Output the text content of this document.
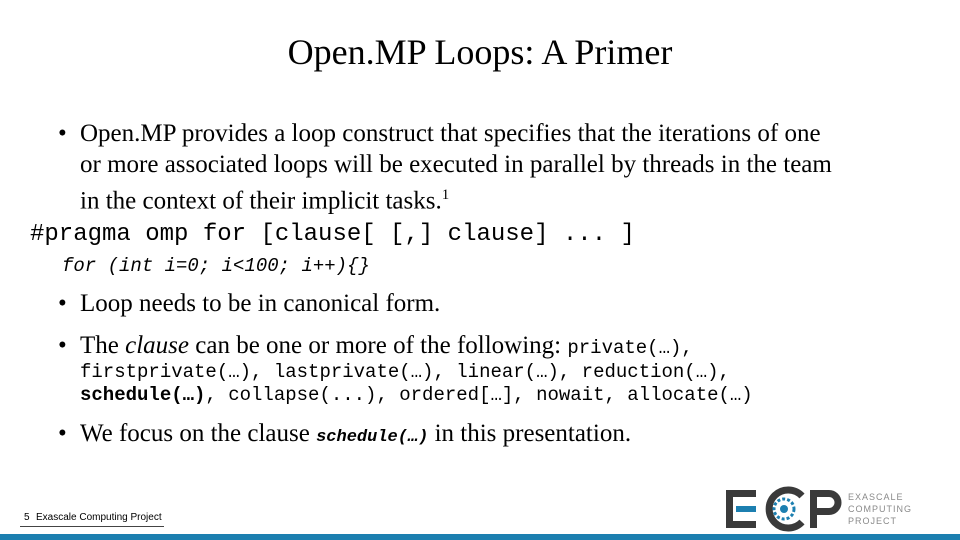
Open.MP Loops: A Primer
• Open.MP provides a loop construct that specifies that the iterations of one
or more associated loops will be executed in parallel by threads in the team
in the context of their implicit tasks.$^1$
#pragma omp for [clause[ [,] clause] ... ]
for (int i=0; i<100; i++){}
• Loop needs to be in canonical form.
• The clause can be one or more of the following: private(…),
firstprivate(…), lastprivate(…), linear(…), reduction(…),
schedule(…), collapse(...), ordered[…], nowait, allocate(…)
• We focus on the clause schedule(…) in this presentation.
5 Exascale Computing Project
EXASCALE
COMPUTING
PROJECT
